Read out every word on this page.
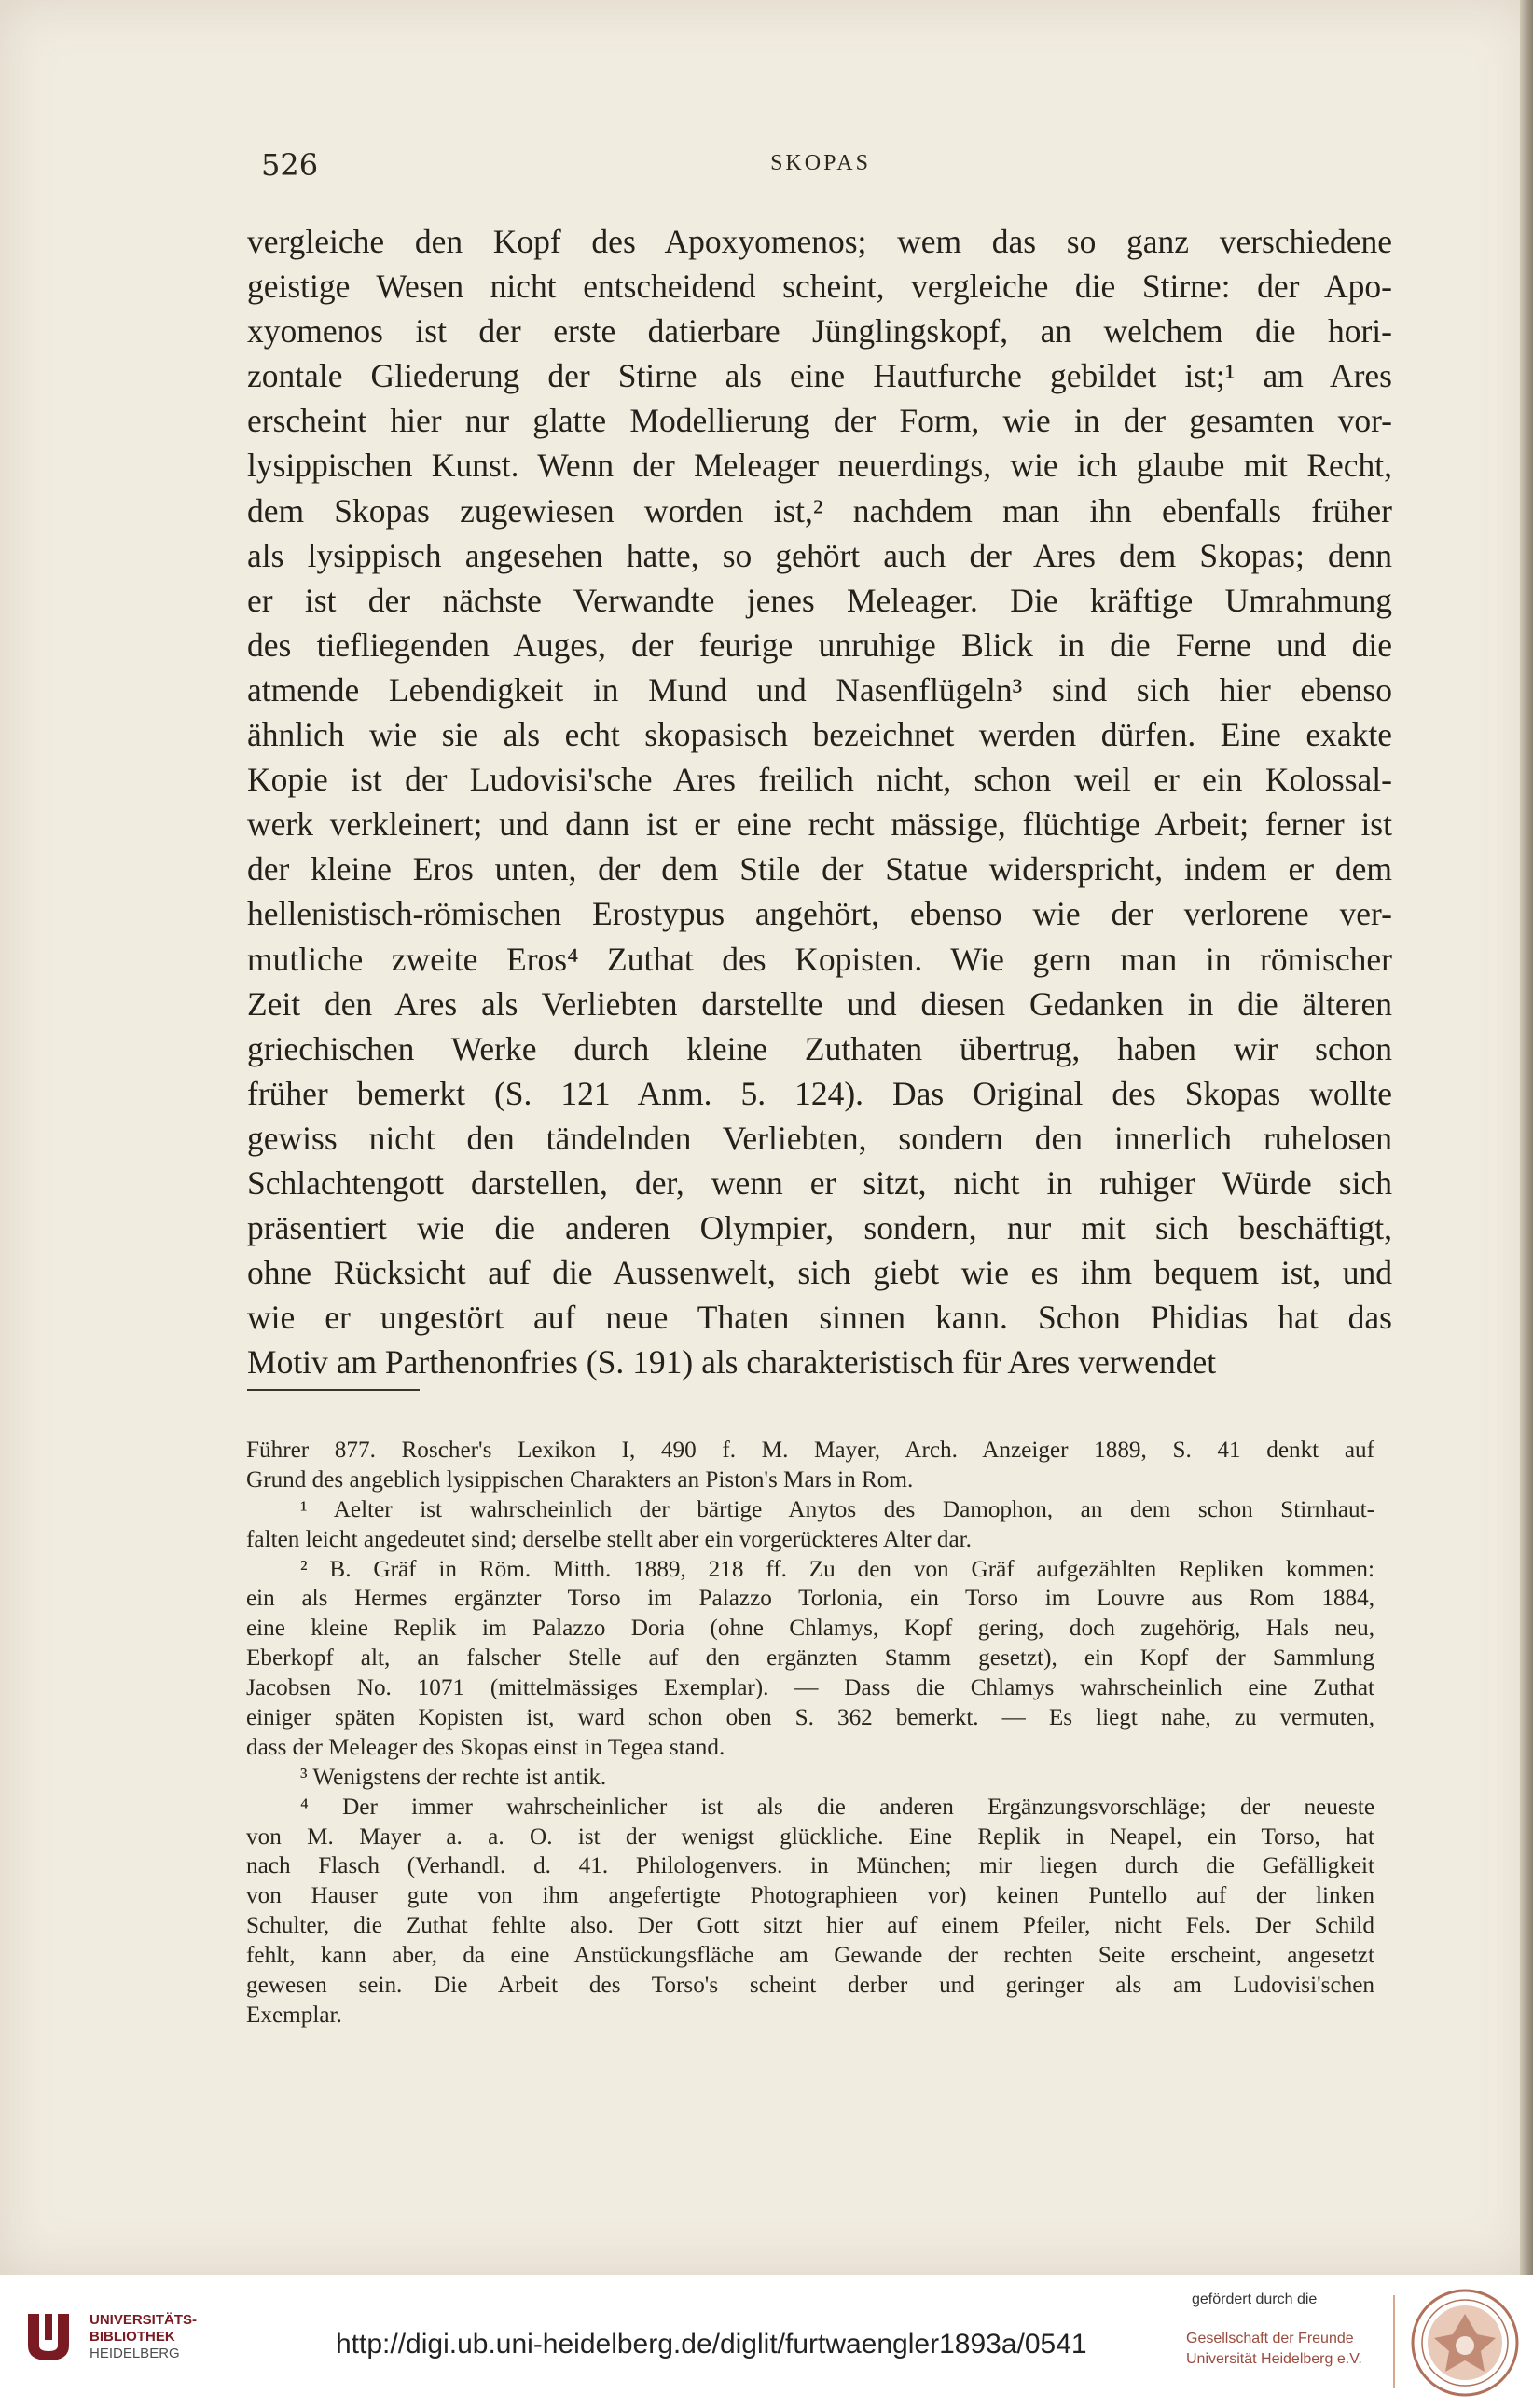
526	SKOPAS
vergleiche den Kopf des Apoxyomenos; wem das so ganz verschiedene
geistige Wesen nicht entscheidend scheint, vergleiche die Stirne: der Apo-
xyomenos ist der erste datierbare Jünglingskopf, an welchem die hori-
zontale Gliederung der Stirne als eine Hautfurche gebildet ist;¹ am Ares
erscheint hier nur glatte Modellierung der Form, wie in der gesamten vor-
lysippischen Kunst. Wenn der Meleager neuerdings, wie ich glaube mit Recht,
dem Skopas zugewiesen worden ist,² nachdem man ihn ebenfalls früher
als lysippisch angesehen hatte, so gehört auch der Ares dem Skopas; denn
er ist der nächste Verwandte jenes Meleager. Die kräftige Umrahmung
des tiefliegenden Auges, der feurige unruhige Blick in die Ferne und die
atmende Lebendigkeit in Mund und Nasenflügeln³ sind sich hier ebenso
ähnlich wie sie als echt skopasisch bezeichnet werden dürfen. Eine exakte
Kopie ist der Ludovisi'sche Ares freilich nicht, schon weil er ein Kolossal-
werk verkleinert; und dann ist er eine recht mässige, flüchtige Arbeit; ferner ist
der kleine Eros unten, der dem Stile der Statue widerspricht, indem er dem
hellenistisch-römischen Erostypus angehört, ebenso wie der verlorene ver-
mutliche zweite Eros⁴ Zuthat des Kopisten. Wie gern man in römischer
Zeit den Ares als Verliebten darstellte und diesen Gedanken in die älteren
griechischen Werke durch kleine Zuthaten übertrug, haben wir schon
früher bemerkt (S. 121 Anm. 5. 124). Das Original des Skopas wollte
gewiss nicht den tändelnden Verliebten, sondern den innerlich ruhelosen
Schlachtengott darstellen, der, wenn er sitzt, nicht in ruhiger Würde sich
präsentiert wie die anderen Olympier, sondern, nur mit sich beschäftigt,
ohne Rücksicht auf die Aussenwelt, sich giebt wie es ihm bequem ist, und
wie er ungestört auf neue Thaten sinnen kann. Schon Phidias hat das
Motiv am Parthenonfries (S. 191) als charakteristisch für Ares verwendet
Führer 877. Roscher's Lexikon I, 490 f. M. Mayer, Arch. Anzeiger 1889, S. 41 denkt auf
Grund des angeblich lysippischen Charakters an Piston's Mars in Rom.
¹ Aelter ist wahrscheinlich der bärtige Anytos des Damophon, an dem schon Stirnhaut-
falten leicht angedeutet sind; derselbe stellt aber ein vorgerückteres Alter dar.
² B. Gräf in Röm. Mitth. 1889, 218 ff. Zu den von Gräf aufgezählten Repliken kommen:
ein als Hermes ergänzter Torso im Palazzo Torlonia, ein Torso im Louvre aus Rom 1884,
eine kleine Replik im Palazzo Doria (ohne Chlamys, Kopf gering, doch zugehörig, Hals neu,
Eberkopf alt, an falscher Stelle auf den ergänzten Stamm gesetzt), ein Kopf der Sammlung
Jacobsen No. 1071 (mittelmässiges Exemplar). — Dass die Chlamys wahrscheinlich eine Zuthat
einiger späten Kopisten ist, ward schon oben S. 362 bemerkt. — Es liegt nahe, zu vermuten,
dass der Meleager des Skopas einst in Tegea stand.
³ Wenigstens der rechte ist antik.
⁴ Der immer wahrscheinlicher ist als die anderen Ergänzungsvorschläge; der neueste
von M. Mayer a. a. O. ist der wenigst glückliche. Eine Replik in Neapel, ein Torso, hat
nach Flasch (Verhandl. d. 41. Philologenvers. in München; mir liegen durch die Gefälligkeit
von Hauser gute von ihm angefertigte Photographieen vor) keinen Puntello auf der linken
Schulter, die Zuthat fehlte also. Der Gott sitzt hier auf einem Pfeiler, nicht Fels. Der Schild
fehlt, kann aber, da eine Anstückungsfläche am Gewande der rechten Seite erscheint, angesetzt
gewesen sein. Die Arbeit des Torso's scheint derber und geringer als am Ludovisi'schen
Exemplar.
UNIVERSITÄTS-
BIBLIOTHEK
HEIDELBERG	http://digi.ub.uni-heidelberg.de/diglit/furtwaengler1893a/0541
gefördert durch die
Gesellschaft der Freunde
Universität Heidelberg e.V.
